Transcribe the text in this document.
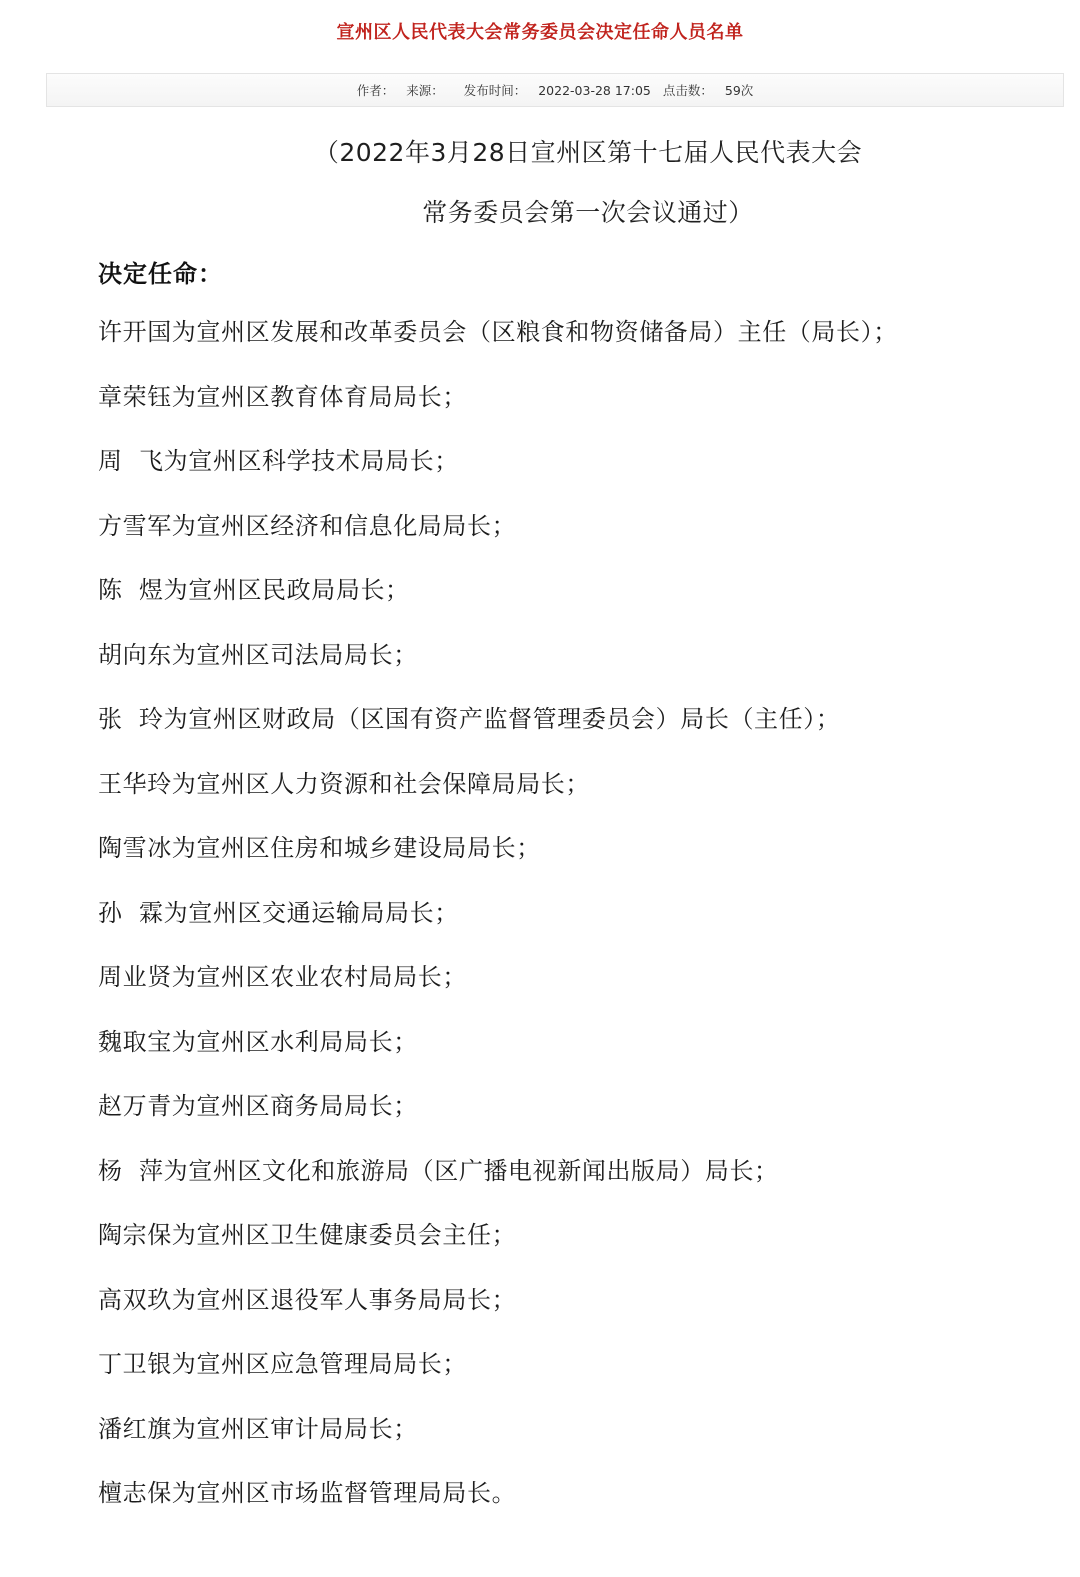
宣州区人民代表大会常务委员会决定任命人员名单
作者： 来源： 发布时间： 2022-03-28 17:05 点击数： 59次
（2022年3月28日宣州区第十七届人民代表大会
常务委员会第一次会议通过）
决定任命：
许开国为宣州区发展和改革委员会（区粮食和物资储备局）主任（局长）；
章荣钰为宣州区教育体育局局长；
周  飞为宣州区科学技术局局长；
方雪军为宣州区经济和信息化局局长；
陈  煜为宣州区民政局局长；
胡向东为宣州区司法局局长；
张  玲为宣州区财政局（区国有资产监督管理委员会）局长（主任）；
王华玲为宣州区人力资源和社会保障局局长；
陶雪冰为宣州区住房和城乡建设局局长；
孙  霖为宣州区交通运输局局长；
周业贤为宣州区农业农村局局长；
魏取宝为宣州区水利局局长；
赵万青为宣州区商务局局长；
杨  萍为宣州区文化和旅游局（区广播电视新闻出版局）局长；
陶宗保为宣州区卫生健康委员会主任；
高双玖为宣州区退役军人事务局局长；
丁卫银为宣州区应急管理局局长；
潘红旗为宣州区审计局局长；
檀志保为宣州区市场监督管理局局长。
